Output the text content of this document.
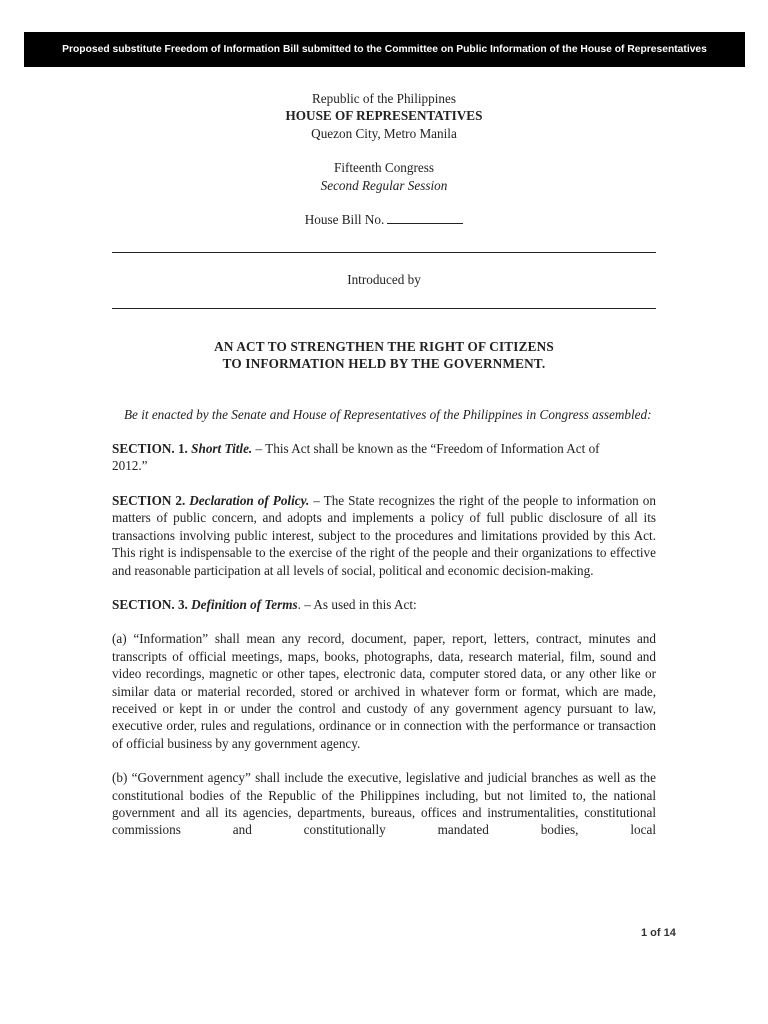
Proposed substitute Freedom of Information Bill submitted to the Committee on Public Information of the House of Representatives
Republic of the Philippines
HOUSE OF REPRESENTATIVES
Quezon City, Metro Manila
Fifteenth Congress
Second Regular Session
House Bill No.
Introduced by
AN ACT TO STRENGTHEN THE RIGHT OF CITIZENS
TO INFORMATION HELD BY THE GOVERNMENT.
Be it enacted by the Senate and House of Representatives of the Philippines in Congress assembled:
SECTION. 1. Short Title. – This Act shall be known as the “Freedom of Information Act of 2012.”
SECTION 2. Declaration of Policy. – The State recognizes the right of the people to information on matters of public concern, and adopts and implements a policy of full public disclosure of all its transactions involving public interest, subject to the procedures and limitations provided by this Act. This right is indispensable to the exercise of the right of the people and their organizations to effective and reasonable participation at all levels of social, political and economic decision-making.
SECTION. 3. Definition of Terms. – As used in this Act:
(a) “Information” shall mean any record, document, paper, report, letters, contract, minutes and transcripts of official meetings, maps, books, photographs, data, research material, film, sound and video recordings, magnetic or other tapes, electronic data, computer stored data, or any other like or similar data or material recorded, stored or archived in whatever form or format, which are made, received or kept in or under the control and custody of any government agency pursuant to law, executive order, rules and regulations, ordinance or in connection with the performance or transaction of official business by any government agency.
(b) “Government agency” shall include the executive, legislative and judicial branches as well as the constitutional bodies of the Republic of the Philippines including, but not limited to, the national government and all its agencies, departments, bureaus, offices and instrumentalities, constitutional commissions and constitutionally mandated bodies, local
1 of 14
